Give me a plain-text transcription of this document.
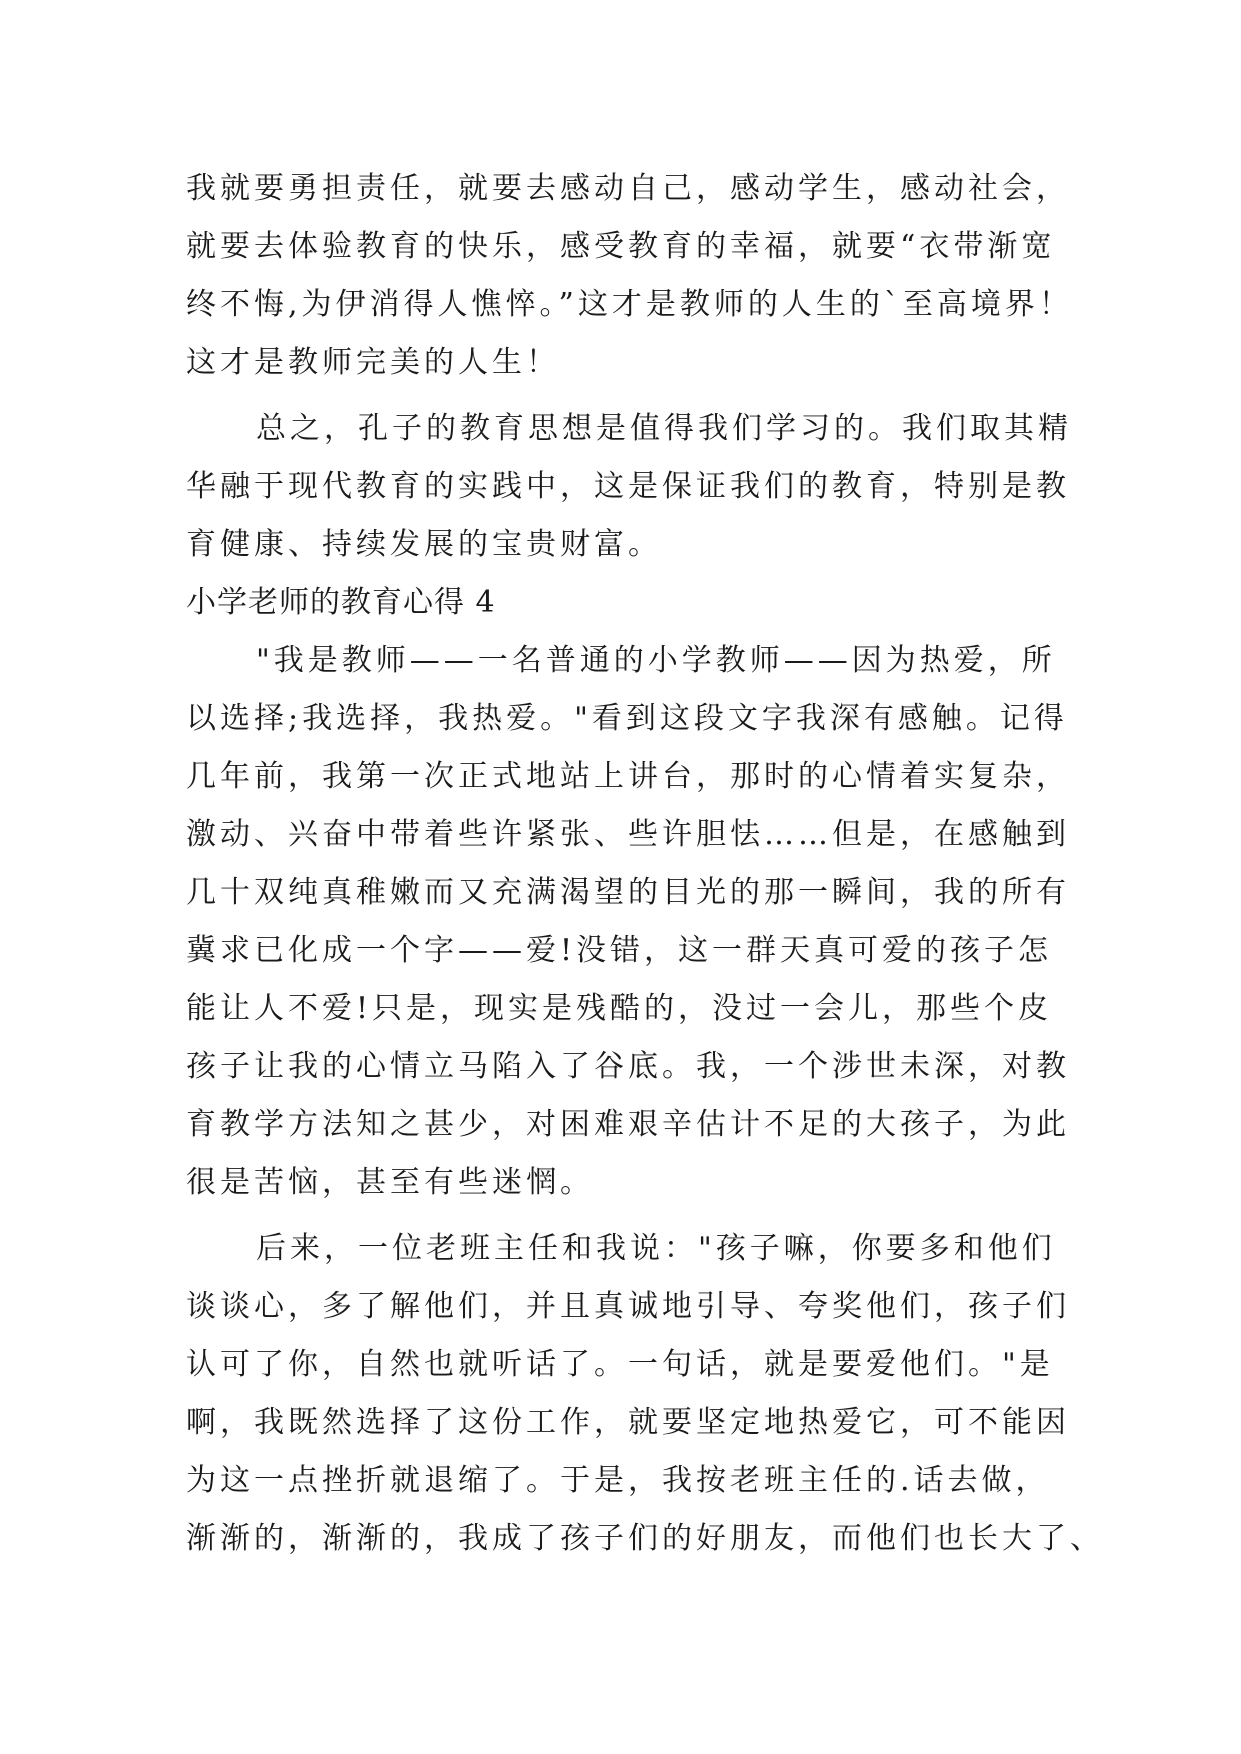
我就要勇担责任，就要去感动自己，感动学生，感动社会，
就要去体验教育的快乐，感受教育的幸福，就要“衣带渐宽
终不悔,为伊消得人憔悴。”这才是教师的人生的`至高境界！
这才是教师完美的人生！
总之，孔子的教育思想是值得我们学习的。我们取其精
华融于现代教育的实践中，这是保证我们的教育，特别是教
育健康、持续发展的宝贵财富。
小学老师的教育心得 4
"我是教师——一名普通的小学教师——因为热爱，所
以选择;我选择，我热爱。"看到这段文字我深有感触。记得
几年前，我第一次正式地站上讲台，那时的心情着实复杂，
激动、兴奋中带着些许紧张、些许胆怯……但是，在感触到
几十双纯真稚嫩而又充满渴望的目光的那一瞬间，我的所有
冀求已化成一个字——爱!没错，这一群天真可爱的孩子怎
能让人不爱!只是，现实是残酷的，没过一会儿，那些个皮
孩子让我的心情立马陷入了谷底。我，一个涉世未深，对教
育教学方法知之甚少，对困难艰辛估计不足的大孩子，为此
很是苦恼，甚至有些迷惘。
后来，一位老班主任和我说："孩子嘛，你要多和他们
谈谈心，多了解他们，并且真诚地引导、夸奖他们，孩子们
认可了你，自然也就听话了。一句话，就是要爱他们。"是
啊，我既然选择了这份工作，就要坚定地热爱它，可不能因
为这一点挫折就退缩了。于是，我按老班主任的.话去做，
渐渐的，渐渐的，我成了孩子们的好朋友，而他们也长大了、
